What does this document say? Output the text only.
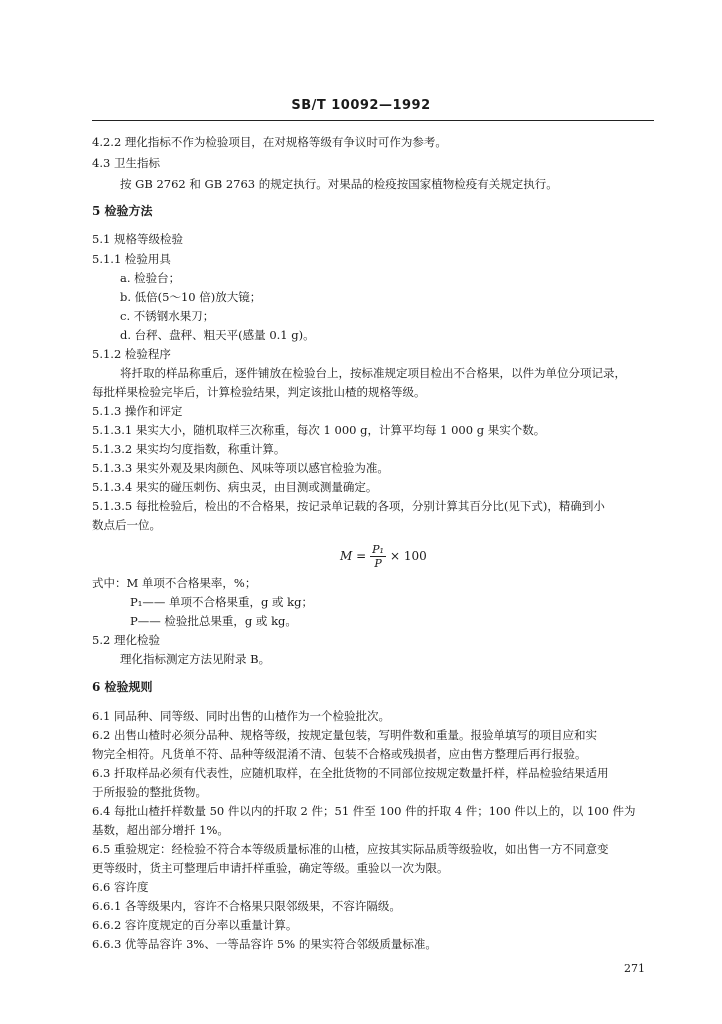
SB/T 10092—1992
4.2.2 理化指标不作为检验项目，在对规格等级有争议时可作为参考。
4.3 卫生指标
按 GB 2762 和 GB 2763 的规定执行。对果品的检疫按国家植物检疫有关规定执行。
5 检验方法
5.1 规格等级检验
5.1.1 检验用具
a. 检验台；
b. 低倍(5～10 倍)放大镜；
c. 不锈钢水果刀；
d. 台秤、盘秤、粗天平(感量 0.1 g)。
5.1.2 检验程序
将扦取的样品称重后，逐件铺放在检验台上，按标准规定项目检出不合格果，以件为单位分项记录，
每批样果检验完毕后，计算检验结果，判定该批山楂的规格等级。
5.1.3 操作和评定
5.1.3.1 果实大小，随机取样三次称重，每次 1 000 g，计算平均每 1 000 g 果实个数。
5.1.3.2 果实均匀度指数，称重计算。
5.1.3.3 果实外观及果肉颜色、风味等项以感官检验为准。
5.1.3.4 果实的碰压刺伤、病虫灵，由目测或测量确定。
5.1.3.5 每批检验后，检出的不合格果，按记录单记载的各项，分别计算其百分比(见下式)，精确到小
数点后一位。
$M = \frac{\text{P₁}}{P} \times 100$
式中：M 单项不合格果率，%；
P₁—— 单项不合格果重，g 或 kg；
P—— 检验批总果重，g 或 kg。
5.2 理化检验
理化指标测定方法见附录 B。
6 检验规则
6.1 同品种、同等级、同时出售的山楂作为一个检验批次。
6.2 出售山楂时必须分品种、规格等级，按规定量包装，写明件数和重量。报验单填写的项目应和实
物完全相符。凡货单不符、品种等级混淆不清、包装不合格或残损者，应由售方整理后再行报验。
6.3 扦取样品必须有代表性，应随机取样，在全批货物的不同部位按规定数量扦样，样品检验结果适用
于所报验的整批货物。
6.4 每批山楂扦样数量 50 件以内的扦取 2 件；51 件至 100 件的扦取 4 件；100 件以上的，以 100 件为
基数，超出部分增扦 1%。
6.5 重验规定：经检验不符合本等级质量标准的山楂，应按其实际品质等级验收，如出售一方不同意变
更等级时，货主可整理后申请扦样重验，确定等级。重验以一次为限。
6.6 容许度
6.6.1 各等级果内，容许不合格果只限邻级果，不容许隔级。
6.6.2 容许度规定的百分率以重量计算。
6.6.3 优等品容许 3%、一等品容许 5% 的果实符合邻级质量标准。
271
